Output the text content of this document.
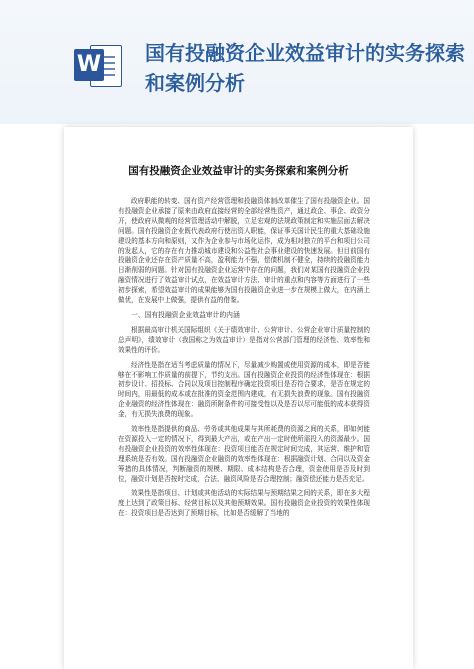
W 国有投融资企业效益审计的实务探索和案例分析
国有投融资企业效益审计的实务探索和案例分析

政府职能的转变、国有资产经营管理和投融资体制改革催生了国有投融资企业。国有投融资企业承接了原来由政府直接经营的全部经营性资产，通过政企、事企、政资分开，使政府从微观的经营管理活动中解脱，立足宏观的法规政策制定和实施层面去解决问题。国有投融资企业既代表政府行使出资人职能，保证事关国计民生的重大基础设施建设的基本方向和原则，又作为企业参与市场化运作，成为相对独立的平台和项目公司的发起人，它的存在有力推动城市建设和公益性社会事业建设的快速发展。但目前国有投融资企业还存在资产质量不高，盈利能力不强，偿债机制不健全，持续的投融资能力日渐削弱的问题。针对国有投融资企业运营中存在的问题，我们对某国有投融资企业投融资情况进行了效益审计试点，在效益审计方法、审计的重点和内容等方面进行了一些初步探索，希望效益审计的成果能够为国有投融资企业进一步在规模上做大，在内涵上做优，在发展中上做强，提供有益的借鉴。

一、国有投融资企业效益审计的内涵

根据最高审计机关国际组织《关于绩效审计、公营审计、公营企业审计质量控制的总声明》，绩效审计（我国称之为效益审计）是指对公营部门管理的经济性、效率性和效果性的评价。

经济性是指在适当考虑质量的情况下，尽量减少购置或使用资源的成本，即是否能够在不影响工作质量的前提下，节约支出。国有投融资企业投资的经济性体现在：根据初步设计、招投标、合同以及项目控制程序确定投资项目是否符合要求，是否在规定的时间内，用最低的成本或在批准的资金范围内建成，有无损失浪费的现象。国有投融资企业融资的经济性体现在：融资所附条件的可接受性以及是否以尽可能低的成本获得资金，有无损失浪费的现象。

效率性是指提供的商品、劳务或其他成果与其所耗费的资源之间的关系，即如何能在资源投入一定的情况下，得到最大产出，或在产出一定时使所需投入的资源最少。国有投融资企业投资的效率性体现在：投资项目能否在规定时间完成，其运营、维护和管理系统是否有效。国有投融资企业融资的效率性体现在：根据融资计划、合同以及资金筹措的具体情况，判断融资的规模、期限、成本结构是否合理，资金使用是否及时到位，融资计划是否按时完成，合法、融资风险是否合理控制；融资偿还能力是否充足。

效果性是指项目、计划或其他活动的实际结果与预期结果之间的关系，即在多大程度上达到了政策目标、经营目标以及其他预期效果。国有投融资企业投资的效果性体现在：投资项目是否达到了预期目标，比如是否缓解了当地的
